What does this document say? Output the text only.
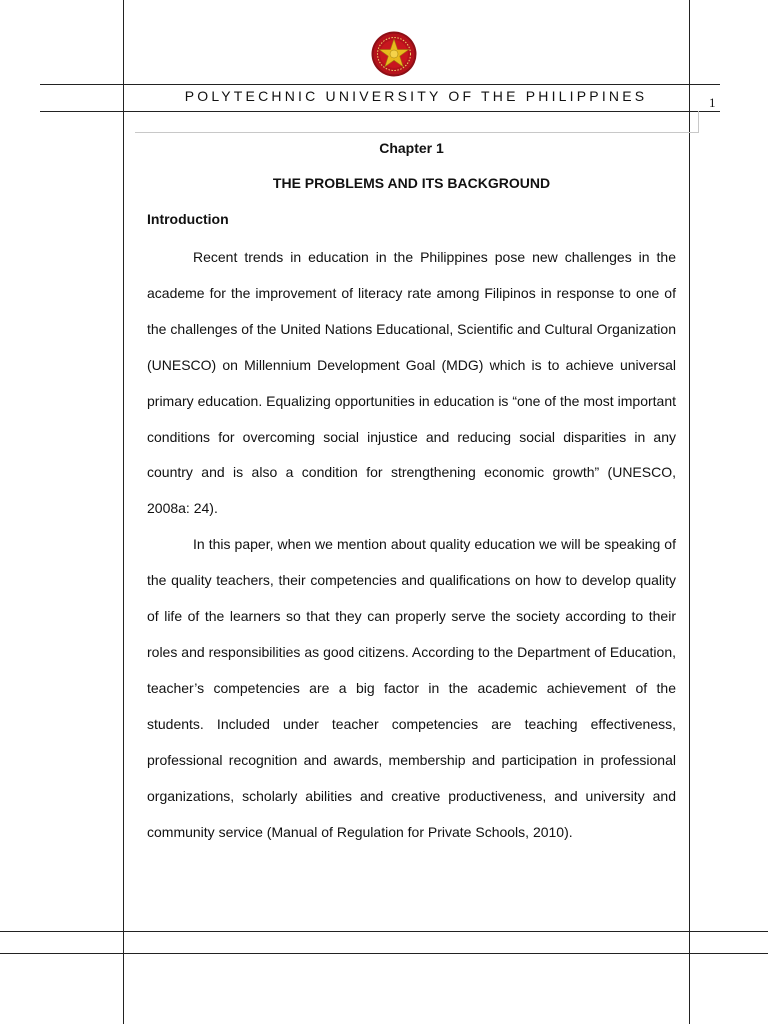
POLYTECHNIC UNIVERSITY OF THE PHILIPPINES	1
Chapter 1
THE PROBLEMS AND ITS BACKGROUND
Introduction

Recent trends in education in the Philippines pose new challenges in the academe for the improvement of literacy rate among Filipinos in response to one of the challenges of the United Nations Educational, Scientific and Cultural Organization (UNESCO) on Millennium Development Goal (MDG) which is to achieve universal primary education. Equalizing opportunities in education is “one of the most important conditions for overcoming social injustice and reducing social disparities in any country and is also a condition for strengthening economic growth” (UNESCO, 2008a: 24).

In this paper, when we mention about quality education we will be speaking of the quality teachers, their competencies and qualifications on how to develop quality of life of the learners so that they can properly serve the society according to their roles and responsibilities as good citizens. According to the Department of Education, teacher’s competencies are a big factor in the academic achievement of the students. Included under teacher competencies are teaching effectiveness, professional recognition and awards, membership and participation in professional organizations, scholarly abilities and creative productiveness, and university and community service (Manual of Regulation for Private Schools, 2010).
